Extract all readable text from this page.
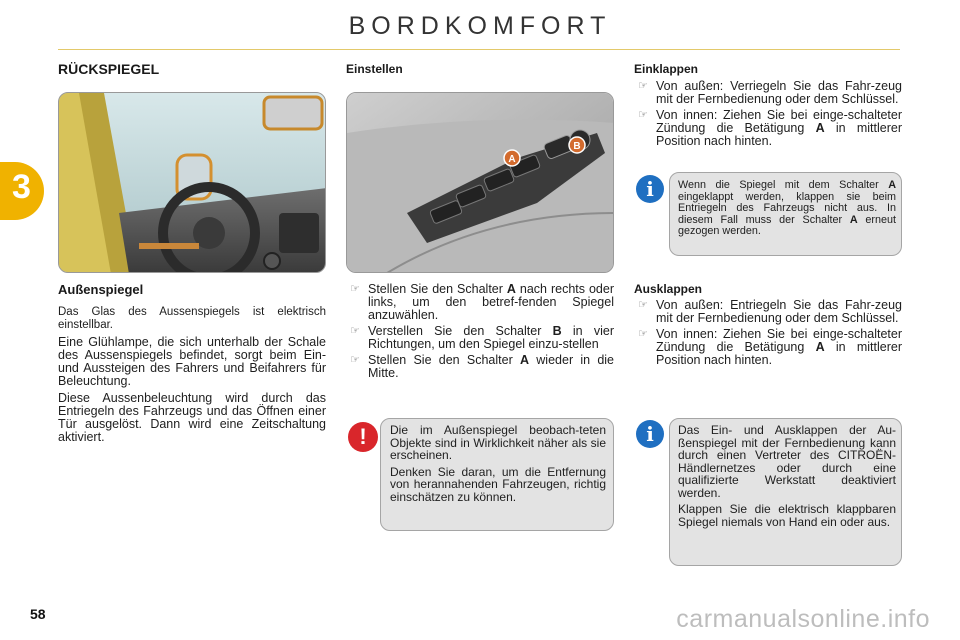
BORDKOMFORT
3
RÜCKSPIEGEL
Außenspiegel
Das Glas des Aussenspiegels ist elektrisch einstellbar.
Eine Glühlampe, die sich unterhalb der Schale des Aussenspiegels befindet, sorgt beim Ein- und Aussteigen des Fahrers und Beifahrers für Beleuchtung.
Diese Aussenbeleuchtung wird durch das Entriegeln des Fahrzeugs und das Öffnen einer Tür ausgelöst. Dann wird eine Zeitschaltung aktiviert.
Einstellen
A
B
☞ Stellen Sie den Schalter A nach rechts oder links, um den betref-fenden Spiegel anzuwählen.
☞ Verstellen Sie den Schalter B in vier Richtungen, um den Spiegel einzu-stellen
☞ Stellen Sie den Schalter A wieder in die Mitte.
!	Die im Außenspiegel beobach-teten Objekte sind in Wirklichkeit näher als sie erscheinen.

Denken Sie daran, um die Entfernung von herannahenden Fahrzeugen, richtig einschätzen zu können.

Einklappen
☞ Von außen: Verriegeln Sie das Fahr-zeug mit der Fernbedienung oder dem Schlüssel.
☞ Von innen: Ziehen Sie bei einge-schalteter Zündung die Betätigung A in mittlerer Position nach hinten.
i	Wenn die Spiegel mit dem Schalter A eingeklappt werden, klappen sie beim Entriegeln des Fahrzeugs nicht aus. In diesem Fall muss der Schalter A erneut gezogen werden.
Ausklappen
☞ Von außen: Entriegeln Sie das Fahr-zeug mit der Fernbedienung oder dem Schlüssel.
☞ Von innen: Ziehen Sie bei einge-schalteter Zündung die Betätigung A in mittlerer Position nach hinten.
i	Das Ein- und Ausklappen der Au-ßenspiegel mit der Fernbedienung kann durch einen Vertreter des CITROËN-Händlernetzes oder durch eine qualifizierte Werkstatt deaktiviert werden.

Klappen Sie die elektrisch klappbaren Spiegel niemals von Hand ein oder aus.

58	carmanualsonline.info
